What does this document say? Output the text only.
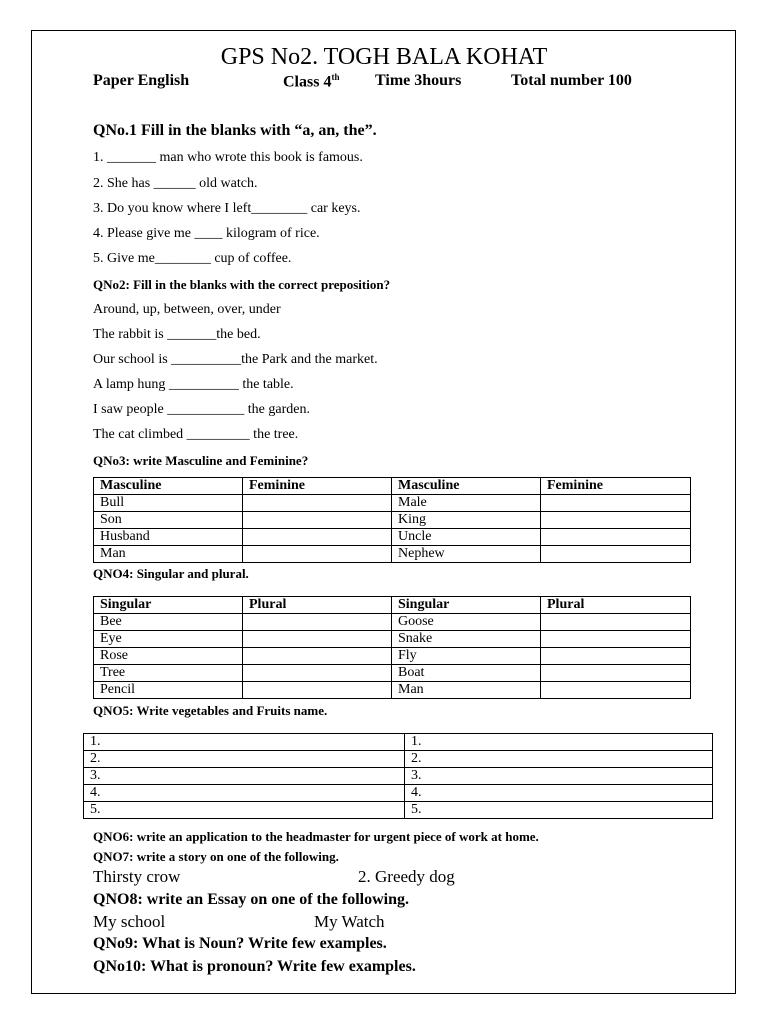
GPS No2. TOGH BALA KOHAT
Paper English	Class 4th Time 3hours	Total number 100
QNo.1 Fill in the blanks with “a, an, the”.
1. _______ man who wrote this book is famous.
2. She has ______ old watch.
3. Do you know where I left________ car keys.
4. Please give me ____ kilogram of rice.
5. Give me________ cup of coffee.
QNo2: Fill in the blanks with the correct preposition?
Around, up, between, over, under
The rabbit is _______the bed.
Our school is __________the Park and the market.
A lamp hung __________ the table.
I saw people ___________ the garden.
The cat climbed _________ the tree.
QNo3: write Masculine and Feminine?
Masculine	Feminine	Masculine	Feminine
Bull		Male	
Son		King	
Husband		Uncle	
Man		Nephew	
QNO4: Singular and plural.
Singular	Plural	Singular	Plural
Bee		Goose	
Eye		Snake	
Rose		Fly	
Tree		Boat	
Pencil		Man	
QNO5: Write vegetables and Fruits name.
1.	1.
2.	2.
3.	3.
4.	4.
5.	5.
QNO6: write an application to the headmaster for urgent piece of work at home.
QNO7: write a story on one of the following.
Thirsty crow	2. Greedy dog
QNO8: write an Essay on one of the following.
My school	My Watch
QNo9: What is Noun? Write few examples.
QNo10: What is pronoun? Write few examples.
